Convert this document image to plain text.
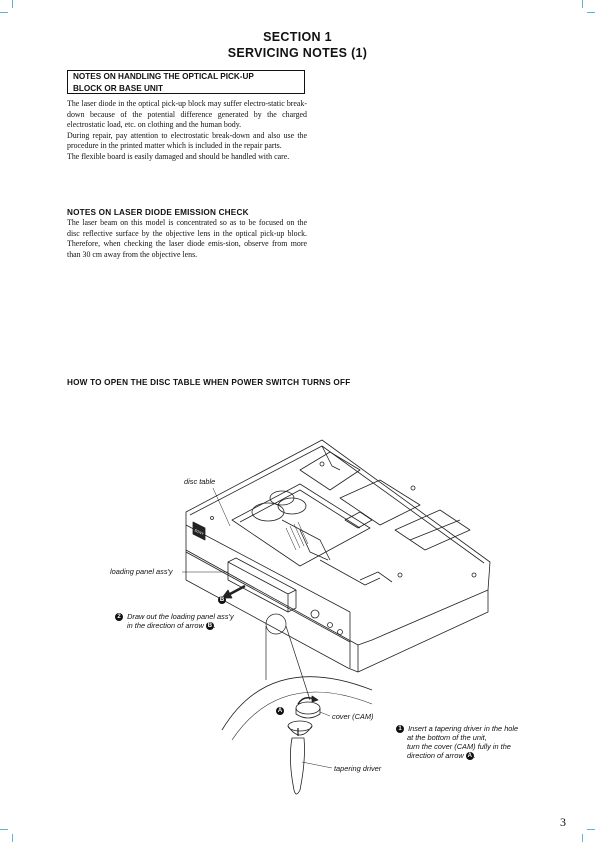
SECTION 1
SERVICING NOTES (1)
NOTES ON HANDLING THE OPTICAL PICK-UP
BLOCK OR BASE UNIT

The laser diode in the optical pick-up block may suffer electro-static break-down because of the potential difference generated by the charged electrostatic load, etc. on clothing and the human body.

During repair, pay attention to electrostatic break-down and also use the procedure in the printed matter which is included in the repair parts.

The flexible board is easily damaged and should be handled with care.

NOTES ON LASER DIODE EMISSION CHECK
The laser beam on this model is concentrated so as to be focused on the disc reflective surface by the objective lens in the optical pick-up block. Therefore, when checking the laser diode emis-sion, observe from more than 30 cm away from the objective lens.
HOW TO OPEN THE DISC TABLE WHEN POWER SWITCH TURNS OFF
SONY
disc table
loading panel ass'y
B
2 Draw out the loading panel ass'y
in the direction of arrow B .
A
cover (CAM)
tapering driver
1 Insert a tapering driver in the hole
at the bottom of the unit,
turn the cover (CAM) fully in the
direction of arrow A .
3
